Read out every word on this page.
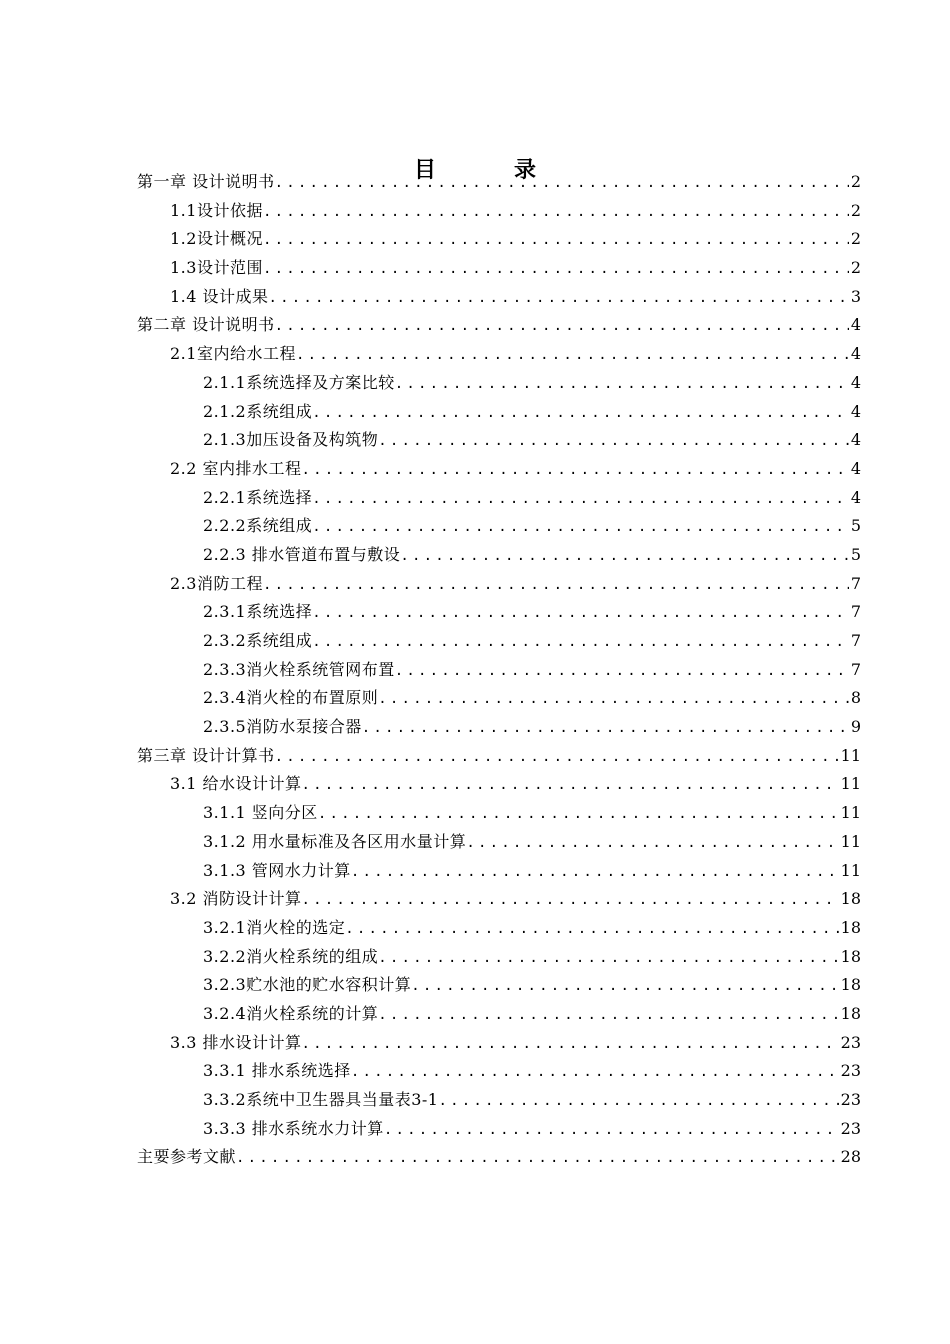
目　录
第一章 设计说明书 .....	2
1.1设计依据 .....	2
1.2设计概况 .....	2
1.3设计范围 .....	2
1.4 设计成果 .....	3
第二章 设计说明书 .....	4
2.1室内给水工程 .....	4
2.1.1系统选择及方案比较 .....	4
2.1.2系统组成 .....	4
2.1.3加压设备及构筑物 .....	4
2.2 室内排水工程 .....	4
2.2.1系统选择 .....	4
2.2.2系统组成 .....	5
2.2.3 排水管道布置与敷设 .....	5
2.3消防工程 .....	7
2.3.1系统选择 .....	7
2.3.2系统组成 .....	7
2.3.3消火栓系统管网布置 .....	7
2.3.4消火栓的布置原则 .....	8
2.3.5消防水泵接合器 .....	9
第三章 设计计算书 .....	11
3.1 给水设计计算 .....	11
3.1.1 竖向分区 .....	11
3.1.2 用水量标准及各区用水量计算 .....	11
3.1.3 管网水力计算 .....	11
3.2 消防设计计算 .....	18
3.2.1消火栓的选定 .....	18
3.2.2消火栓系统的组成 .....	18
3.2.3贮水池的贮水容积计算 .....	18
3.2.4消火栓系统的计算 .....	18
3.3 排水设计计算 .....	23
3.3.1 排水系统选择 .....	23
3.3.2系统中卫生器具当量表3-1 .....	23
3.3.3 排水系统水力计算 .....	23
主要参考文献 .....	28
